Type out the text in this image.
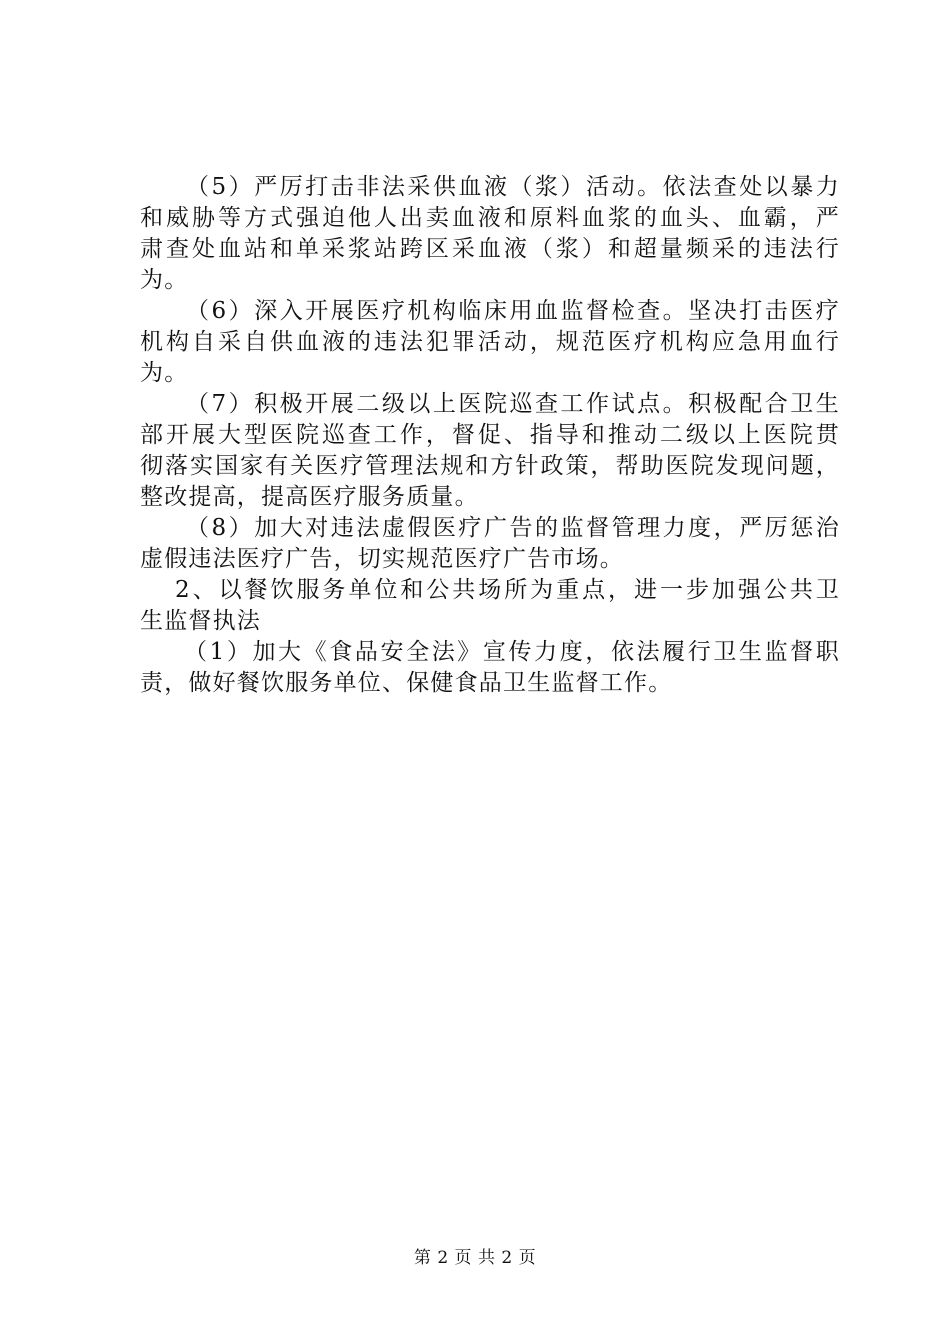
（5）严厉打击非法采供血液（浆）活动。依法查处以暴力
和威胁等方式强迫他人出卖血液和原料血浆的血头、血霸，严
肃查处血站和单采浆站跨区采血液（浆）和超量频采的违法行
为。

（6）深入开展医疗机构临床用血监督检查。坚决打击医疗
机构自采自供血液的违法犯罪活动，规范医疗机构应急用血行
为。

（7）积极开展二级以上医院巡查工作试点。积极配合卫生
部开展大型医院巡查工作，督促、指导和推动二级以上医院贯
彻落实国家有关医疗管理法规和方针政策，帮助医院发现问题，
整改提高，提高医疗服务质量。

（8）加大对违法虚假医疗广告的监督管理力度，严厉惩治
虚假违法医疗广告，切实规范医疗广告市场。

2、以餐饮服务单位和公共场所为重点，进一步加强公共卫
生监督执法

（1）加大《食品安全法》宣传力度，依法履行卫生监督职
责，做好餐饮服务单位、保健食品卫生监督工作。

第 2 页 共 2 页
